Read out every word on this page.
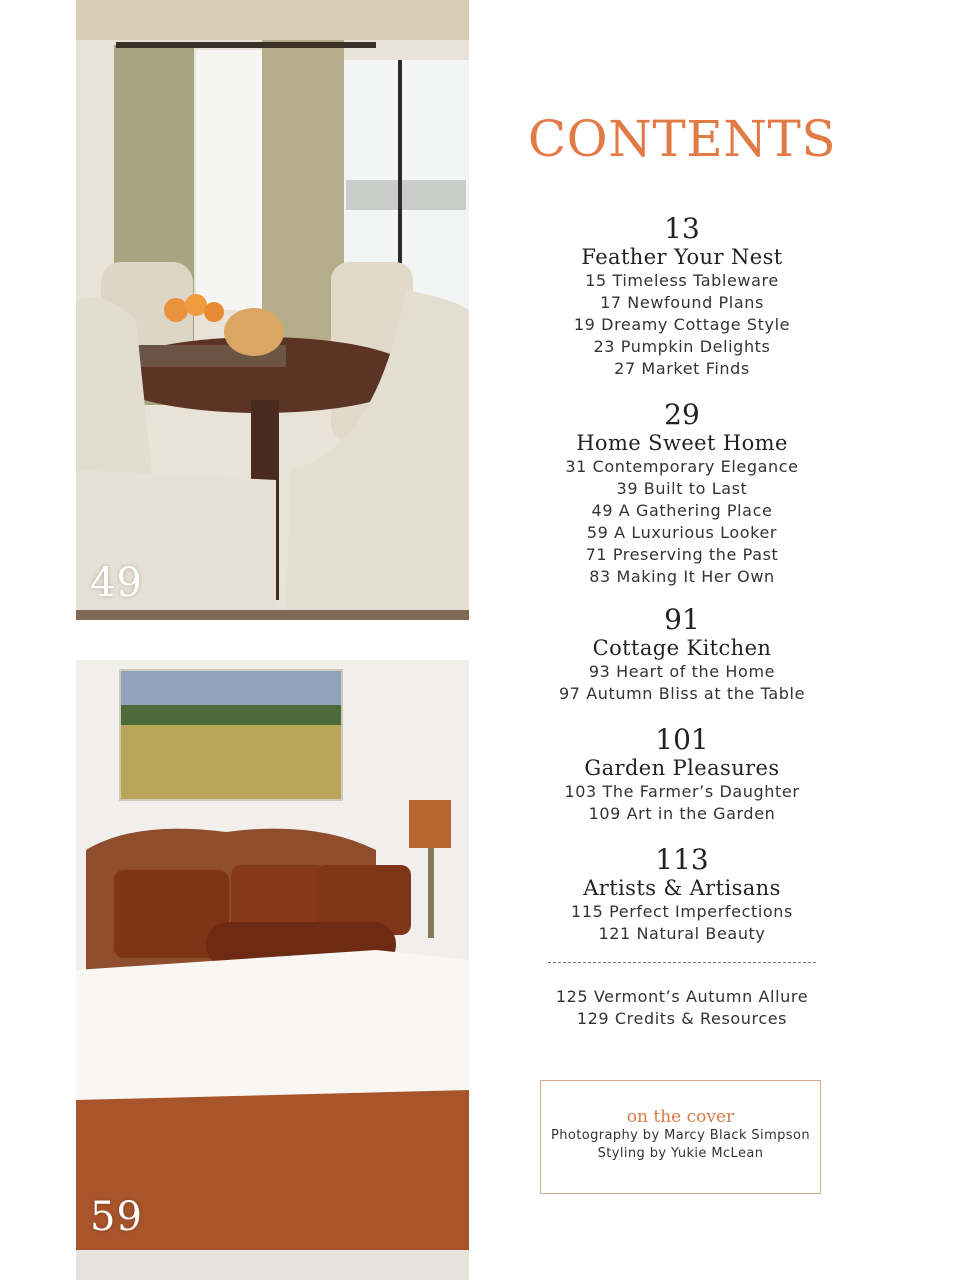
49
59
CONTENTS
13
Feather Your Nest
15 Timeless Tableware
17 Newfound Plans
19 Dreamy Cottage Style
23 Pumpkin Delights
27 Market Finds
29
Home Sweet Home
31 Contemporary Elegance
39 Built to Last
49 A Gathering Place
59 A Luxurious Looker
71 Preserving the Past
83 Making It Her Own
91
Cottage Kitchen
93 Heart of the Home
97 Autumn Bliss at the Table
101
Garden Pleasures
103 The Farmer’s Daughter
109 Art in the Garden
113
Artists & Artisans
115 Perfect Imperfections
121 Natural Beauty
125 Vermont’s Autumn Allure
129 Credits & Resources
on the cover
Photography by Marcy Black Simpson
Styling by Yukie McLean
